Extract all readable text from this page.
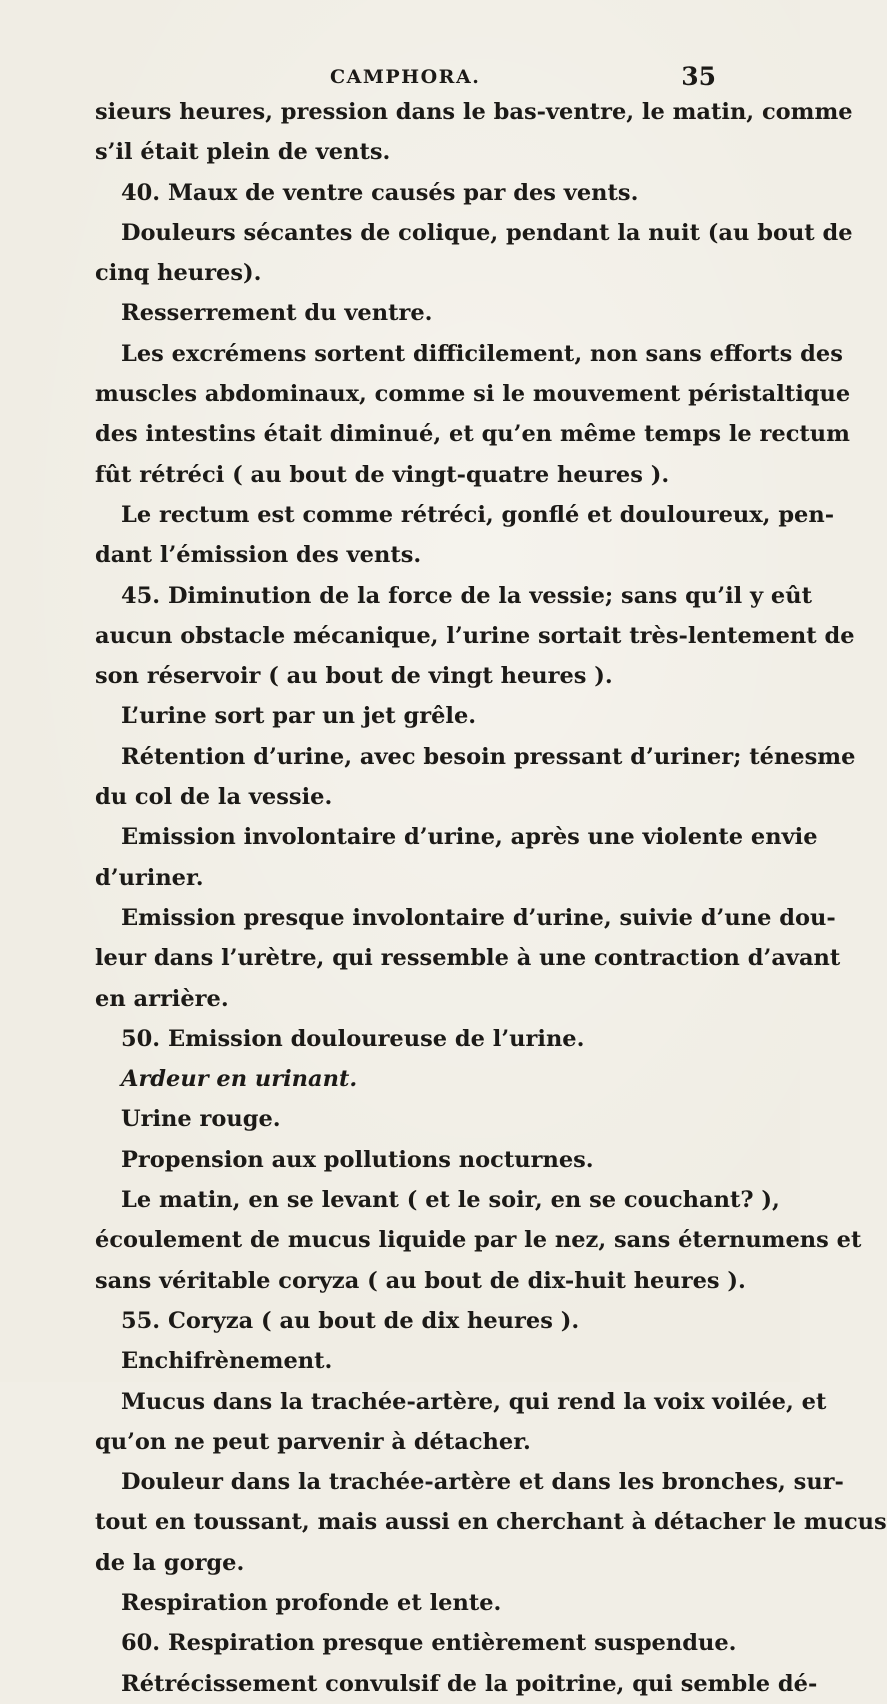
CAMPHORA.	35
sieurs heures, pression dans le bas-ventre, le matin, comme
s’il était plein de vents.
40. Maux de ventre causés par des vents.
Douleurs sécantes de colique, pendant la nuit (au bout de
cinq heures).
Resserrement du ventre.
Les excrémens sortent difficilement, non sans efforts des
muscles abdominaux, comme si le mouvement péristaltique
des intestins était diminué, et qu’en même temps le rectum
fût rétréci ( au bout de vingt-quatre heures ).
Le rectum est comme rétréci, gonflé et douloureux, pen-
dant l’émission des vents.
45. Diminution de la force de la vessie; sans qu’il y eût
aucun obstacle mécanique, l’urine sortait très-lentement de
son réservoir ( au bout de vingt heures ).
L’urine sort par un jet grêle.
Rétention d’urine, avec besoin pressant d’uriner; ténesme
du col de la vessie.
Emission involontaire d’urine, après une violente envie
d’uriner.
Emission presque involontaire d’urine, suivie d’une dou-
leur dans l’urètre, qui ressemble à une contraction d’avant
en arrière.
50. Emission douloureuse de l’urine.
Ardeur en urinant.
Urine rouge.
Propension aux pollutions nocturnes.
Le matin, en se levant ( et le soir, en se couchant? ),
écoulement de mucus liquide par le nez, sans éternumens et
sans véritable coryza ( au bout de dix-huit heures ).
55. Coryza ( au bout de dix heures ).
Enchifrènement.
Mucus dans la trachée-artère, qui rend la voix voilée, et
qu’on ne peut parvenir à détacher.
Douleur dans la trachée-artère et dans les bronches, sur-
tout en toussant, mais aussi en cherchant à détacher le mucus
de la gorge.
Respiration profonde et lente.
60. Respiration presque entièrement suspendue.
Rétrécissement convulsif de la poitrine, qui semble dé-
